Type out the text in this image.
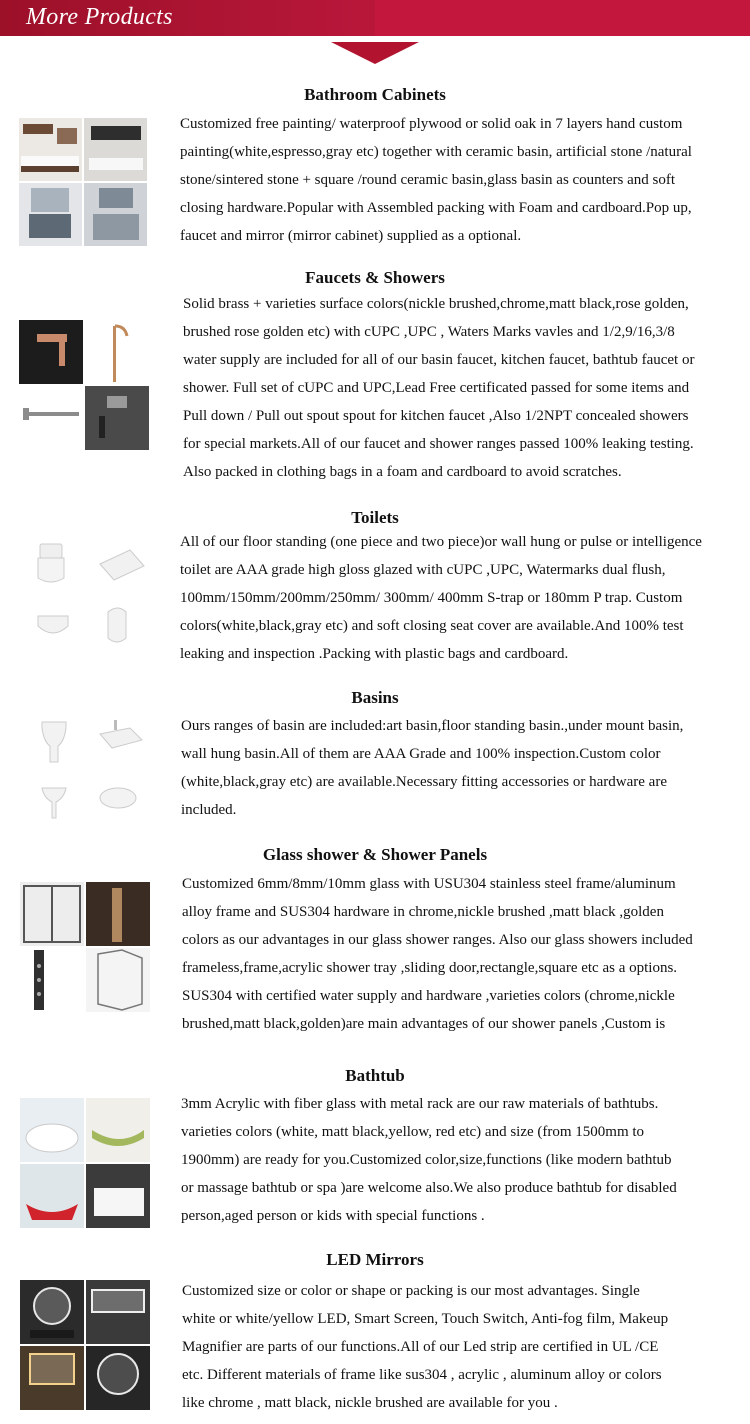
More Products
Bathroom Cabinets
Customized free painting/ waterproof plywood or solid oak in 7 layers hand custom
painting(white,espresso,gray etc) together with ceramic basin, artificial stone /natural
stone/sintered stone + square /round ceramic basin,glass basin as counters and soft
closing hardware.Popular with Assembled packing with Foam and cardboard.Pop up,
faucet and mirror (mirror cabinet) supplied as a optional.
Faucets & Showers
Solid brass + varieties surface colors(nickle brushed,chrome,matt black,rose golden,
brushed rose golden etc) with cUPC ,UPC , Waters Marks vavles and 1/2,9/16,3/8
water supply are included for all of our basin faucet, kitchen faucet, bathtub faucet or
shower. Full set of cUPC and UPC,Lead Free certificated passed for some items and
Pull down / Pull out spout spout for kitchen faucet ,Also 1/2NPT concealed showers
for special markets.All of our faucet and shower ranges passed 100% leaking testing.
Also packed in clothing bags in a foam and cardboard to avoid scratches.
Toilets
All of our floor standing (one piece and two piece)or wall hung or pulse or intelligence
toilet are AAA grade high gloss glazed with cUPC ,UPC, Watermarks dual flush,
100mm/150mm/200mm/250mm/ 300mm/ 400mm S-trap or 180mm P trap. Custom
colors(white,black,gray etc) and soft closing seat cover are available.And 100% test
leaking and inspection .Packing with plastic bags and cardboard.
Basins
Ours ranges of basin are included:art basin,floor standing basin.,under mount basin,
wall hung basin.All of them are AAA Grade and 100% inspection.Custom color
(white,black,gray etc) are available.Necessary fitting accessories or hardware are
included.
Glass shower & Shower Panels
Customized 6mm/8mm/10mm glass with USU304 stainless steel frame/aluminum
alloy frame and SUS304 hardware in chrome,nickle brushed ,matt black ,golden
colors as our advantages in our glass shower ranges. Also our glass showers included
frameless,frame,acrylic shower tray ,sliding door,rectangle,square etc as a options.
SUS304 with certified water supply and hardware ,varieties colors (chrome,nickle
brushed,matt black,golden)are main advantages of our shower panels ,Custom is
Bathtub
3mm Acrylic with fiber glass with metal rack are our raw materials of bathtubs.
varieties colors (white, matt black,yellow, red etc) and size (from 1500mm to
1900mm) are ready for you.Customized color,size,functions (like modern bathtub
or massage bathtub or spa )are welcome also.We also produce bathtub for disabled
person,aged person or kids with special functions .
LED Mirrors
Customized size or color or shape or packing is our most advantages. Single
white or white/yellow LED, Smart Screen, Touch Switch, Anti-fog film, Makeup
Magnifier are parts of our functions.All of our Led strip are certified in UL /CE
etc. Different materials of frame like sus304 , acrylic , aluminum alloy or colors
like chrome , matt black, nickle brushed are available for you .
